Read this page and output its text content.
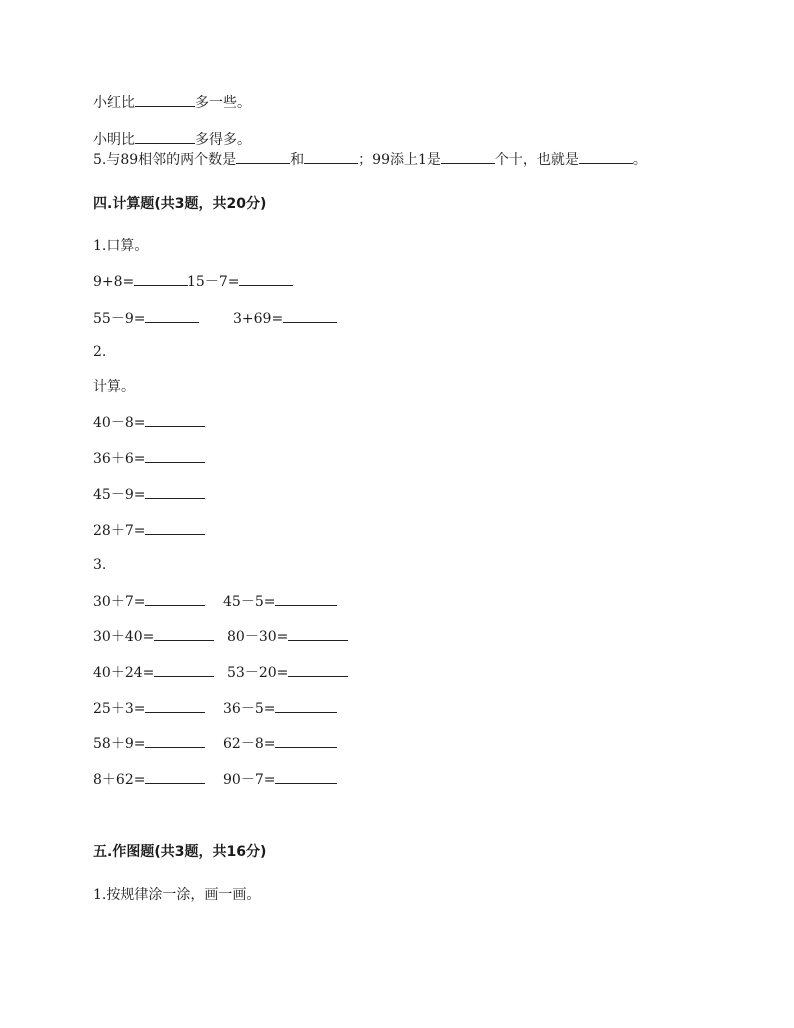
小红比	多一些。
小明比	多得多。
5.与89相邻的两个数是	和	；99添上1是	个十，也就是	。
四.计算题(共3题，共20分)
1.口算。
9+8=	15－7=
55－9=	3+69=
2.
计算。
40－8=
36＋6=
45－9=
28＋7=
3.
30＋7=	45－5=
30＋40=	80－30=
40＋24=	53－20=
25＋3=	36－5=
58＋9=	62－8=
8＋62=	90－7=
五.作图题(共3题，共16分)
1.按规律涂一涂，画一画。
